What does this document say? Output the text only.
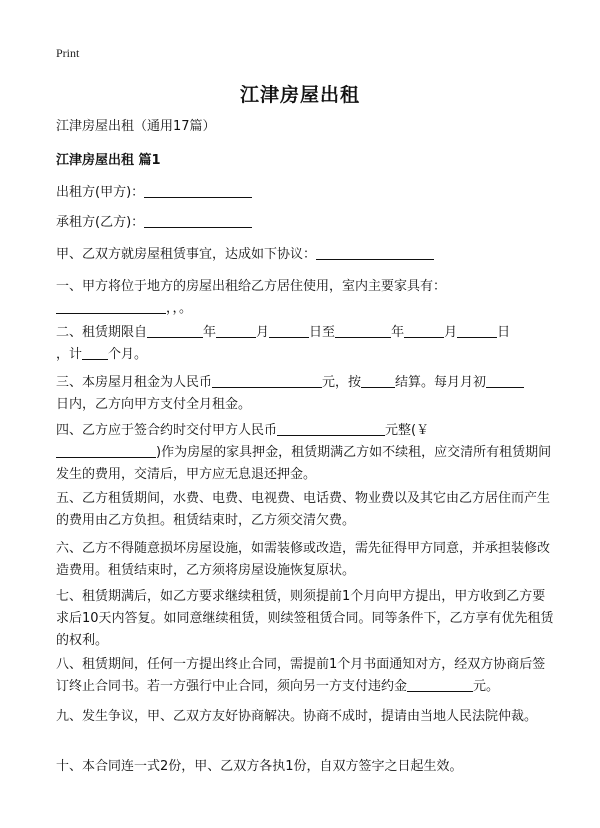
Print
江津房屋出租

江津房屋出租（通用17篇）

江津房屋出租 篇1

出租方(甲方)：

承租方(乙方)：

甲、乙双方就房屋租赁事宜，达成如下协议：

一、甲方将位于地方的房屋出租给乙方居住使用，室内主要家具有：
，，。

二、租赁期限自	年	月	日至	年	月	日
，计 个月。

三、本房屋月租金为人民币	元，按	结算。每月月初
日内，乙方向甲方支付全月租金。

四、乙方应于签合约时交付甲方人民币	元整(￥
)作为房屋的家具押金，租赁期满乙方如不续租，应交清所有租赁期间发生的费用，交清后，甲方应无息退还押金。

五、乙方租赁期间，水费、电费、电视费、电话费、物业费以及其它由乙方居住而产生的费用由乙方负担。租赁结束时，乙方须交清欠费。

六、乙方不得随意损坏房屋设施，如需装修或改造，需先征得甲方同意，并承担装修改造费用。租赁结束时，乙方须将房屋设施恢复原状。

七、租赁期满后，如乙方要求继续租赁，则须提前1个月向甲方提出，甲方收到乙方要求后10天内答复。如同意继续租赁，则续签租赁合同。同等条件下，乙方享有优先租赁的权利。

八、租赁期间，任何一方提出终止合同，需提前1个月书面通知对方，经双方协商后签订终止合同书。若一方强行中止合同，须向另一方支付违约金	元。

九、发生争议，甲、乙双方友好协商解决。协商不成时，提请由当地人民法院仲裁。

十、本合同连一式2份，甲、乙双方各执1份，自双方签字之日起生效。
